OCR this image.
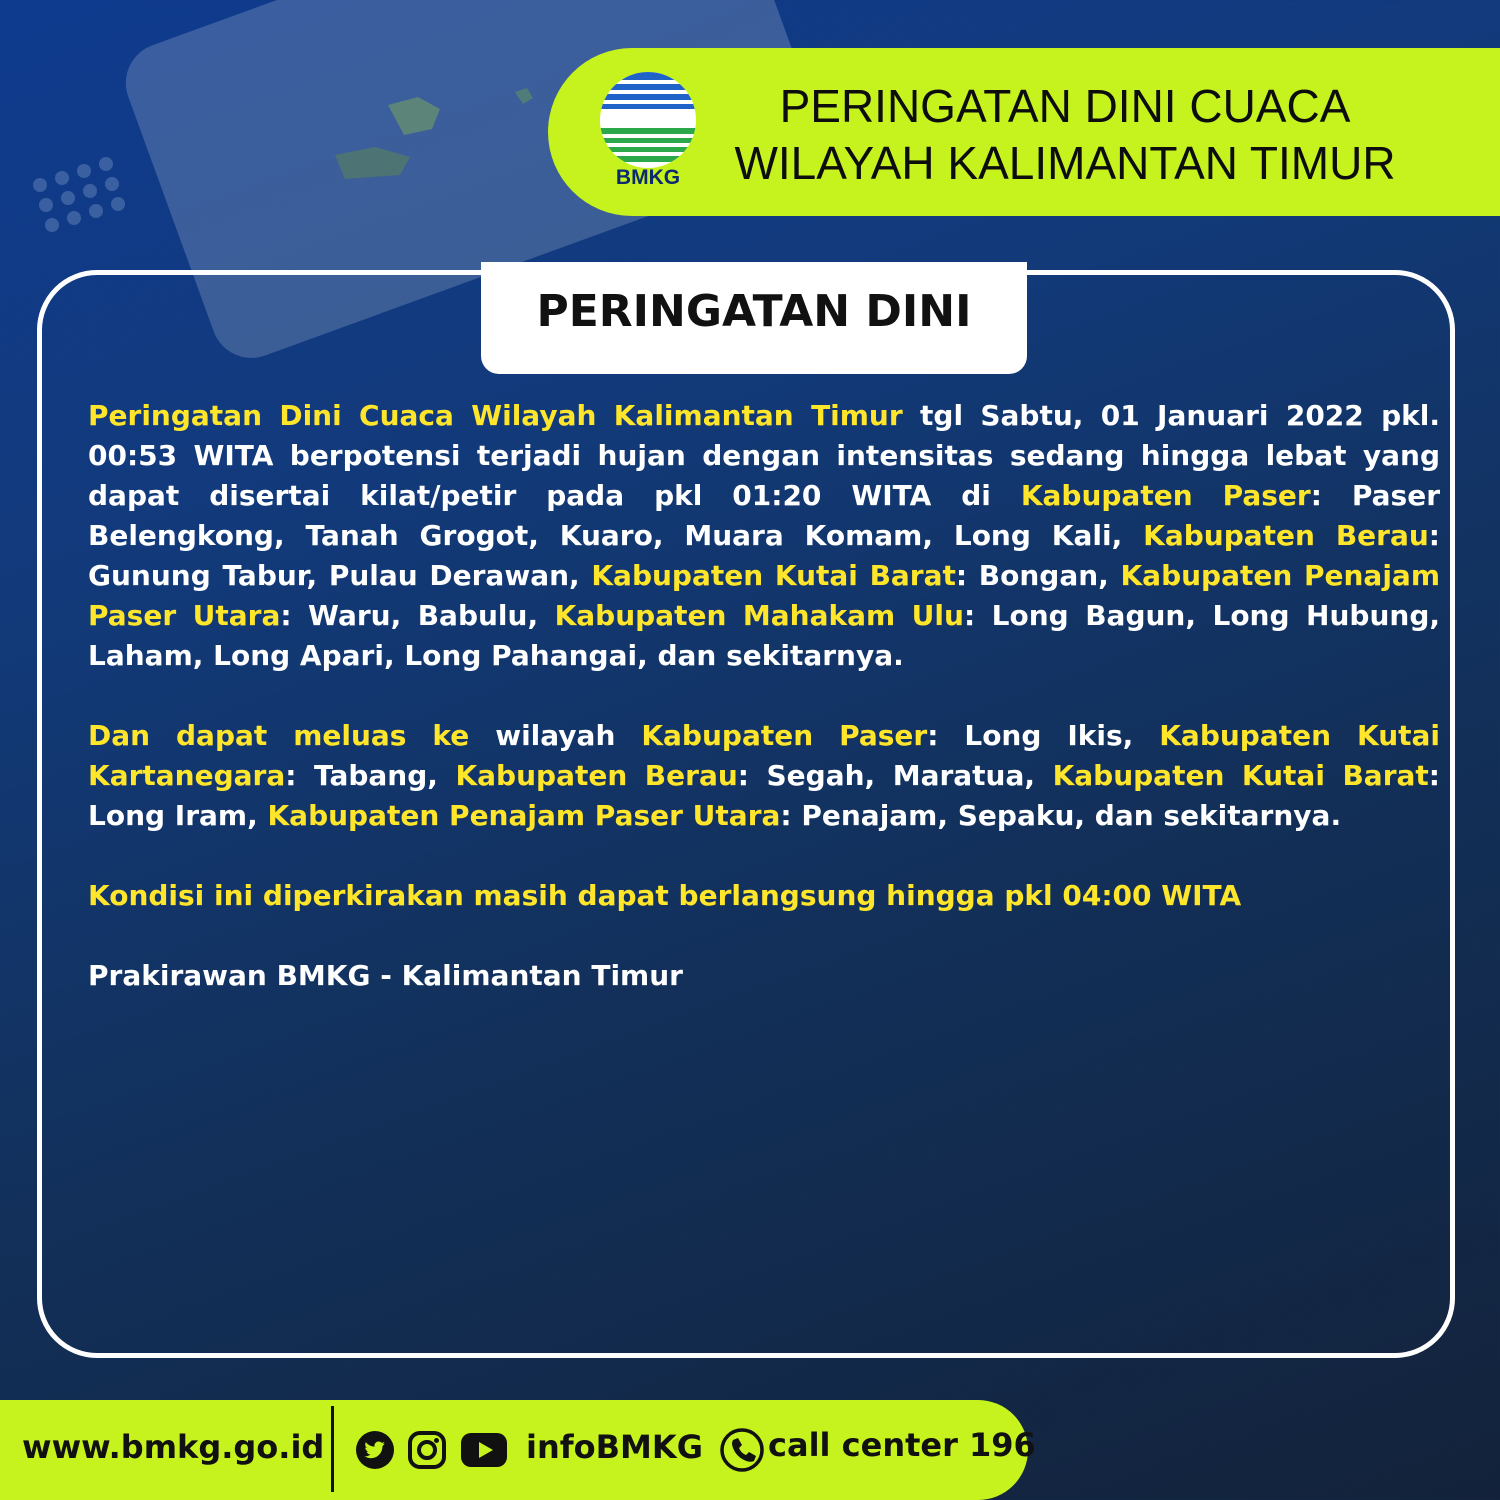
BMKG
PERINGATAN DINI CUACA
WILAYAH KALIMANTAN TIMUR
PERINGATAN DINI

Peringatan Dini Cuaca Wilayah Kalimantan Timur tgl Sabtu, 01 Januari 2022 pkl. 00:53 WITA berpotensi terjadi hujan dengan intensitas sedang hingga lebat yang dapat disertai kilat/petir pada pkl 01:20 WITA di Kabupaten Paser: Paser Belengkong, Tanah Grogot, Kuaro, Muara Komam, Long Kali, Kabupaten Berau: Gunung Tabur, Pulau Derawan, Kabupaten Kutai Barat: Bongan, Kabupaten Penajam Paser Utara: Waru, Babulu, Kabupaten Mahakam Ulu: Long Bagun, Long Hubung, Laham, Long Apari, Long Pahangai, dan sekitarnya.

Dan dapat meluas ke wilayah Kabupaten Paser: Long Ikis, Kabupaten Kutai Kartanegara: Tabang, Kabupaten Berau: Segah, Maratua, Kabupaten Kutai Barat: Long Iram, Kabupaten Penajam Paser Utara: Penajam, Sepaku, dan sekitarnya.

Kondisi ini diperkirakan masih dapat berlangsung hingga pkl 04:00 WITA

Prakirawan BMKG - Kalimantan Timur

www.bmkg.go.id	infoBMKG call center 196
